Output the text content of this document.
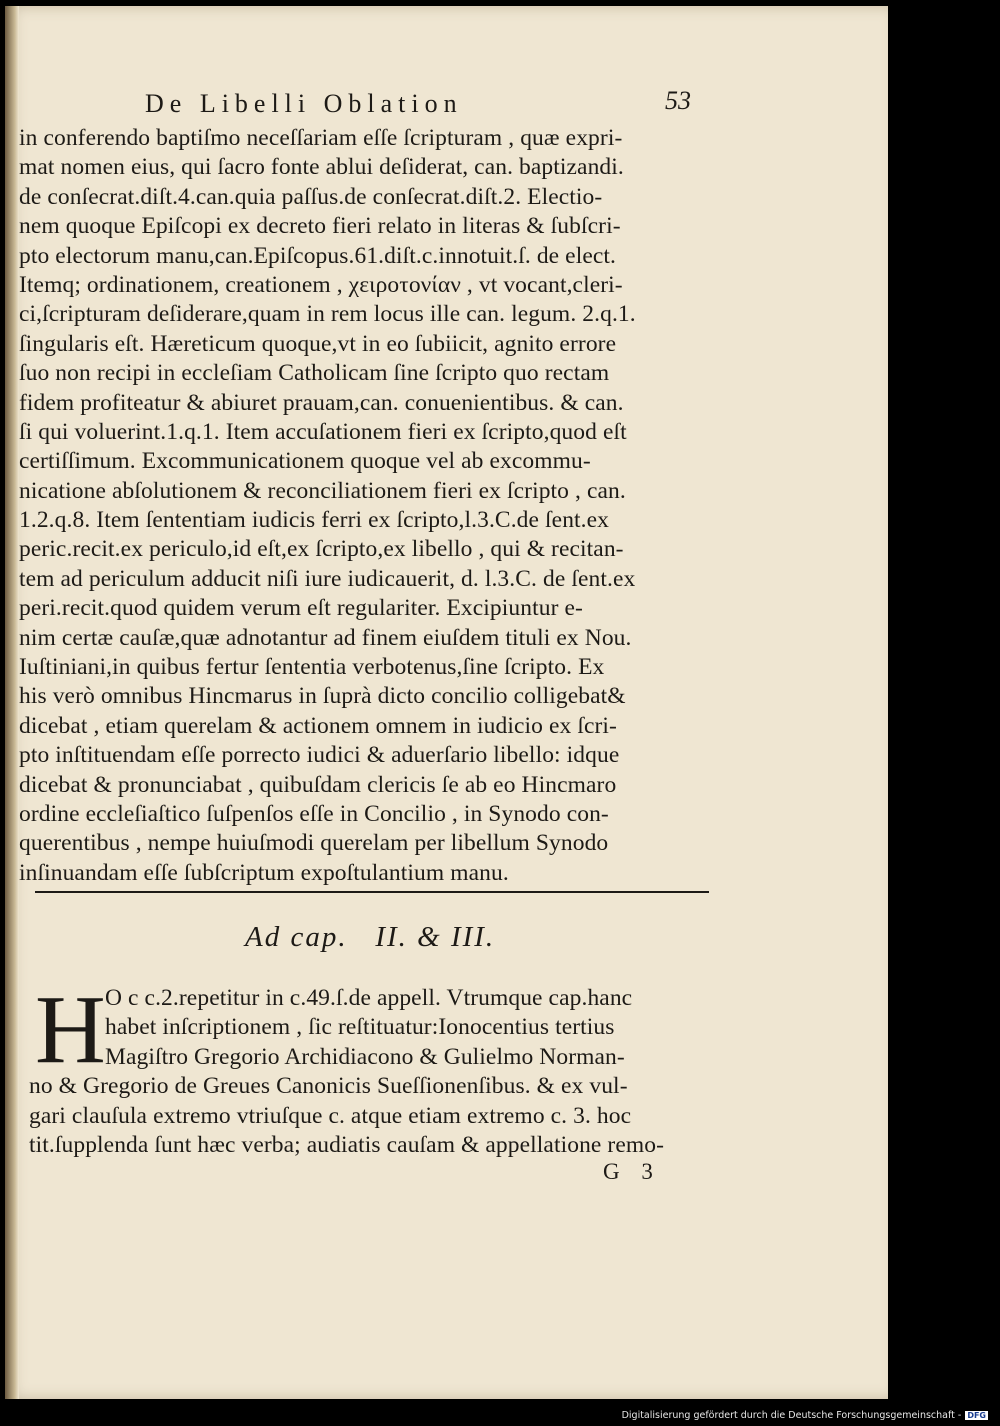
De Libelli Oblation	53
in conferendo baptiſmo neceſſariam eſſe ſcripturam , quæ expri-
mat nomen eius, qui ſacro fonte ablui deſiderat, can. baptizandi.
de conſecrat.diſt.4.can.quia paſſus.de conſecrat.diſt.2. Electio-
nem quoque Epiſcopi ex decreto fieri relato in literas & ſubſcri-
pto electorum manu,can.Epiſcopus.61.diſt.c.innotuit.ſ. de elect.
Itemq; ordinationem, creationem , χειροτονίαν , vt vocant,cleri-
ci,ſcripturam deſiderare,quam in rem locus ille can. legum. 2.q.1.
ſingularis eſt. Hæreticum quoque,vt in eo ſubiicit, agnito errore
ſuo non recipi in eccleſiam Catholicam ſine ſcripto quo rectam
fidem profiteatur & abiuret prauam,can. conuenientibus. & can.
ſi qui voluerint.1.q.1. Item accuſationem fieri ex ſcripto,quod eſt
certiſſimum. Excommunicationem quoque vel ab excommu-
nicatione abſolutionem & reconciliationem fieri ex ſcripto , can.
1.2.q.8. Item ſententiam iudicis ferri ex ſcripto,l.3.C.de ſent.ex
peric.recit.ex periculo,id eſt,ex ſcripto,ex libello , qui & recitan-
tem ad periculum adducit niſi iure iudicauerit, d. l.3.C. de ſent.ex
peri.recit.quod quidem verum eſt regulariter. Excipiuntur e-
nim certæ cauſæ,quæ adnotantur ad finem eiuſdem tituli ex Nou.
Iuſtiniani,in quibus fertur ſententia verbotenus,ſine ſcripto. Ex
his verò omnibus Hincmarus in ſuprà dicto concilio colligebat&
dicebat , etiam querelam & actionem omnem in iudicio ex ſcri-
pto inſtituendam eſſe porrecto iudici & aduerſario libello: idque
dicebat & pronunciabat , quibuſdam clericis ſe ab eo Hincmaro
ordine eccleſiaſtico ſuſpenſos eſſe in Concilio , in Synodo con-
querentibus , nempe huiuſmodi querelam per libellum Synodo
inſinuandam eſſe ſubſcriptum expoſtulantium manu.
Ad cap.   II. & III.
H O c c.2.repetitur in c.49.ſ.de appell. Vtrumque cap.hanc
habet inſcriptionem , ſic reſtituatur:Ionocentius tertius
Magiſtro Gregorio Archidiacono & Gulielmo Norman-
no & Gregorio de Greues Canonicis Sueſſionenſibus. & ex vul-
gari clauſula extremo vtriuſque c. atque etiam extremo c. 3. hoc
tit.ſupplenda ſunt hæc verba; audiatis cauſam & appellatione remo-
G 3
Digitalisierung gefördert durch die Deutsche Forschungsgemeinschaft - DFG
